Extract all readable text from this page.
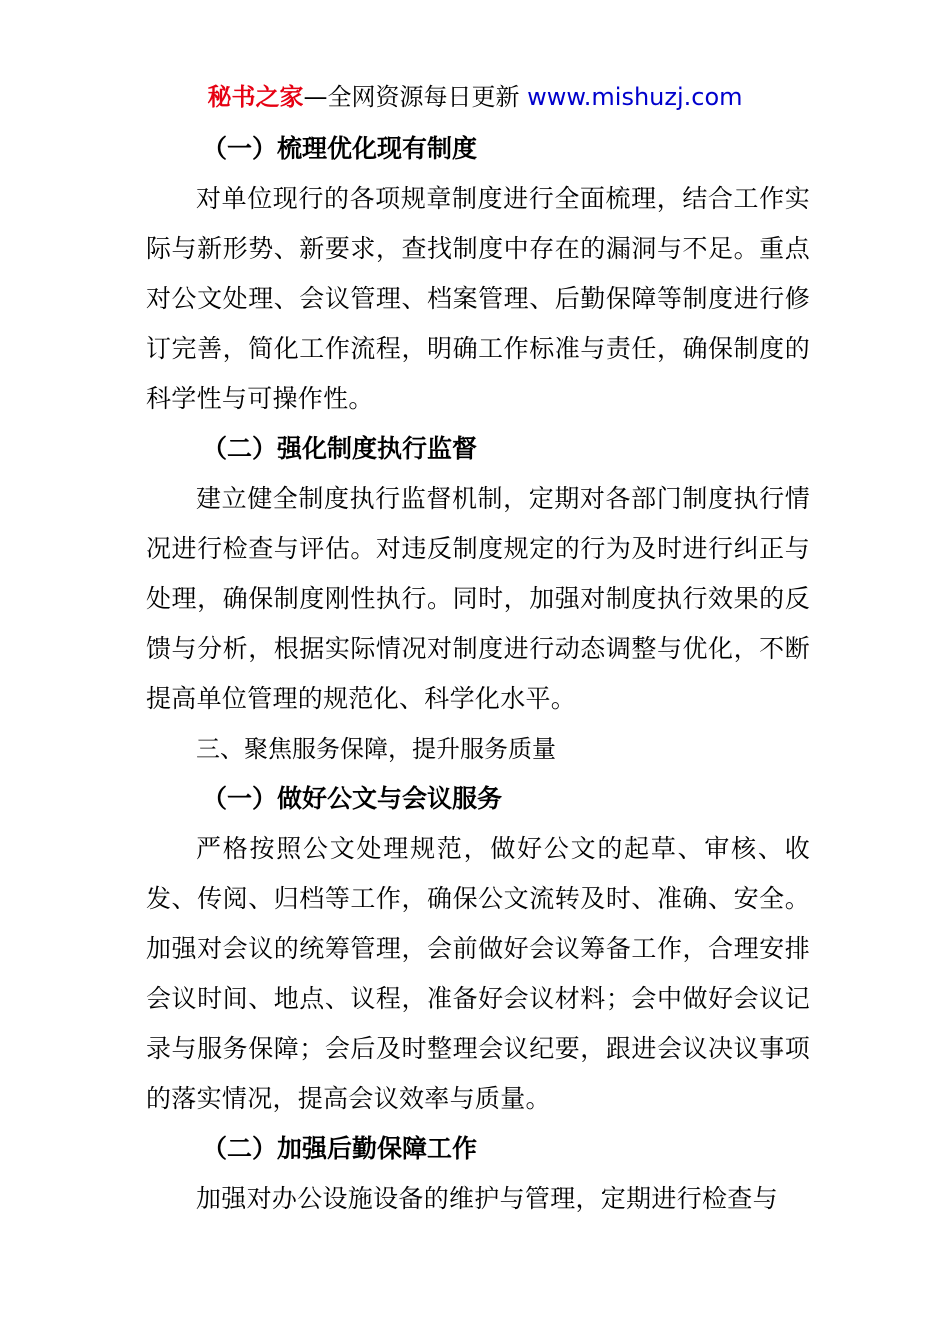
秘书之家—全网资源每日更新 www.mishuzj.com

（一）梳理优化现有制度

对单位现行的各项规章制度进行全面梳理，结合工作实际与新形势、新要求，查找制度中存在的漏洞与不足。重点对公文处理、会议管理、档案管理、后勤保障等制度进行修订完善，简化工作流程，明确工作标准与责任，确保制度的科学性与可操作性。

（二）强化制度执行监督

建立健全制度执行监督机制，定期对各部门制度执行情况进行检查与评估。对违反制度规定的行为及时进行纠正与处理，确保制度刚性执行。同时，加强对制度执行效果的反馈与分析，根据实际情况对制度进行动态调整与优化，不断提高单位管理的规范化、科学化水平。

三、聚焦服务保障，提升服务质量

（一）做好公文与会议服务

严格按照公文处理规范，做好公文的起草、审核、收发、传阅、归档等工作，确保公文流转及时、准确、安全。加强对会议的统筹管理，会前做好会议筹备工作，合理安排会议时间、地点、议程，准备好会议材料；会中做好会议记录与服务保障；会后及时整理会议纪要，跟进会议决议事项的落实情况，提高会议效率与质量。

（二）加强后勤保障工作

加强对办公设施设备的维护与管理，定期进行检查与
